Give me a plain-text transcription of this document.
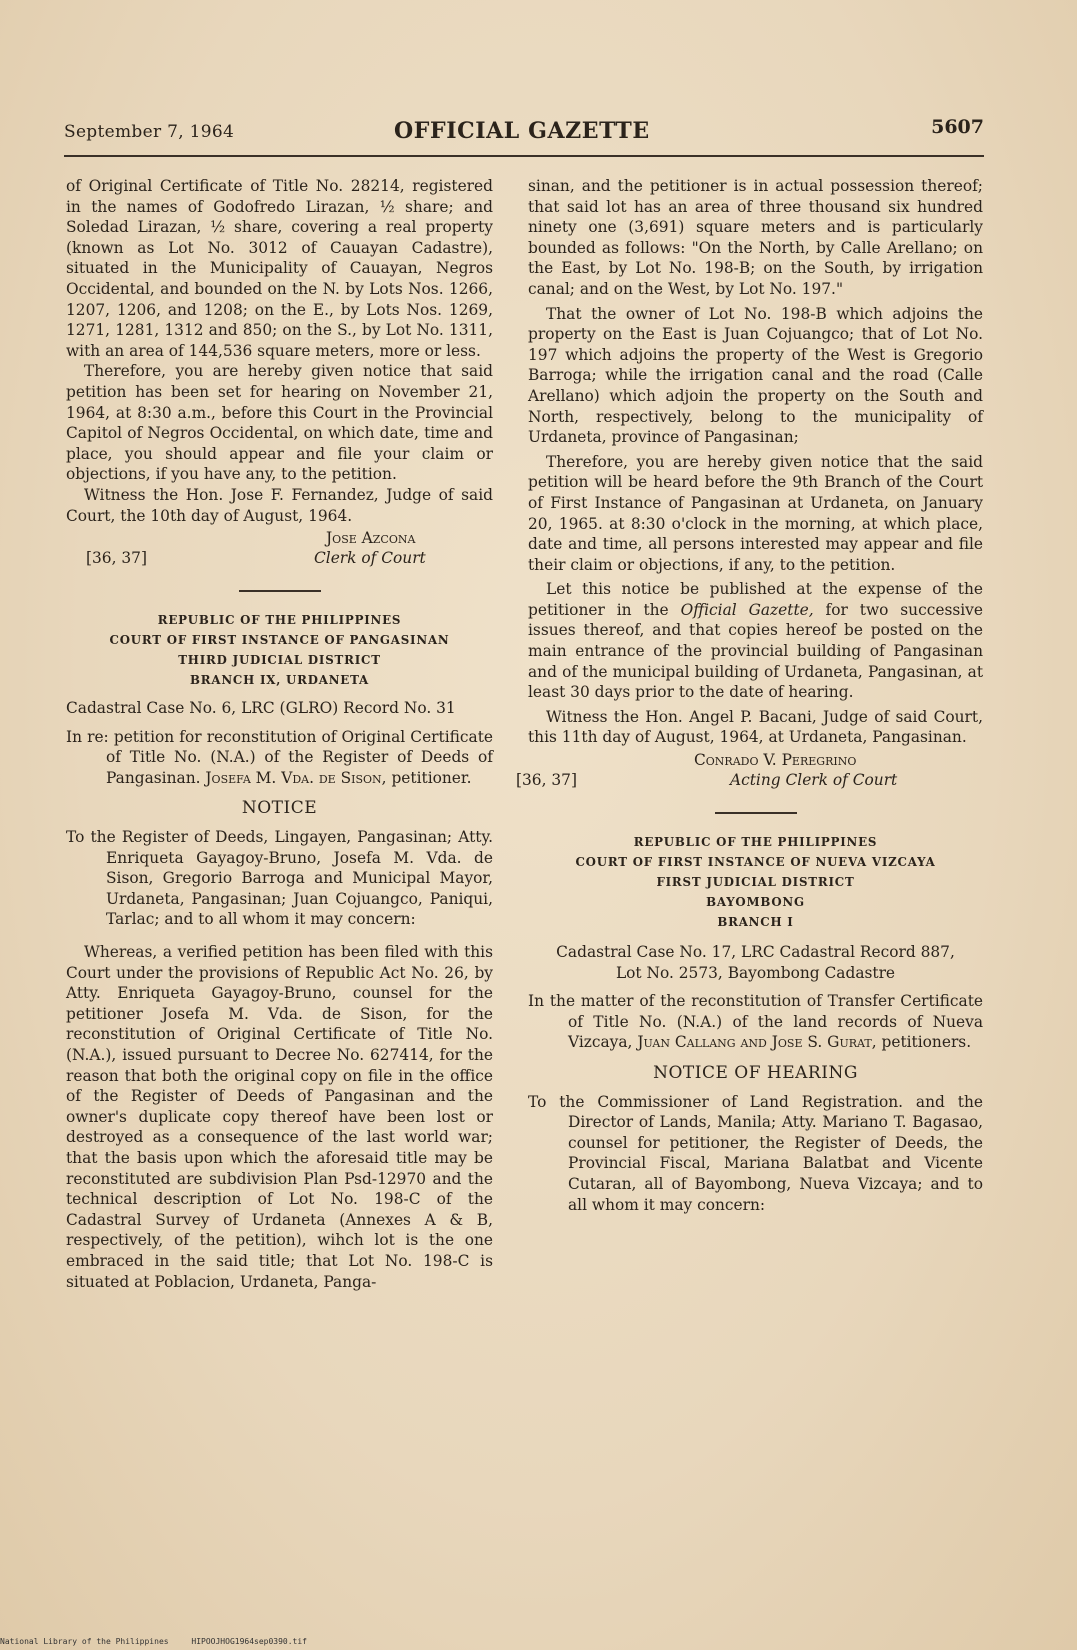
September 7, 1964	OFFICIAL GAZETTE	5607

of Original Certificate of Title No. 28214, registered in the names of Godofredo Lirazan, ½ share; and Soledad Lirazan, ½ share, covering a real property (known as Lot No. 3012 of Cauayan Cadastre), situated in the Municipality of Cauayan, Negros Occidental, and bounded on the N. by Lots Nos. 1266, 1207, 1206, and 1208; on the E., by Lots Nos. 1269, 1271, 1281, 1312 and 850; on the S., by Lot No. 1311, with an area of 144,536 square meters, more or less.

Therefore, you are hereby given notice that said petition has been set for hearing on November 21, 1964, at 8:30 a.m., before this Court in the Provincial Capitol of Negros Occidental, on which date, time and place, you should appear and file your claim or objections, if you have any, to the petition.

Witness the Hon. Jose F. Fernandez, Judge of said Court, the 10th day of August, 1964.

Jose Azcona
Clerk of Court
[36, 37]
REPUBLIC OF THE PHILIPPINES
COURT OF FIRST INSTANCE OF PANGASINAN
THIRD JUDICIAL DISTRICT
BRANCH IX, URDANETA

Cadastral Case No. 6, LRC (GLRO) Record No. 31

In re: petition for reconstitution of Original Certificate of Title No. (N.A.) of the Register of Deeds of Pangasinan. Josefa M. Vda. de Sison, petitioner.

NOTICE

To the Register of Deeds, Lingayen, Pangasinan; Atty. Enriqueta Gayagoy-Bruno, Josefa M. Vda. de Sison, Gregorio Barroga and Municipal Mayor, Urdaneta, Pangasinan; Juan Cojuangco, Paniqui, Tarlac; and to all whom it may concern:

Whereas, a verified petition has been filed with this Court under the provisions of Republic Act No. 26, by Atty. Enriqueta Gayagoy-Bruno, counsel for the petitioner Josefa M. Vda. de Sison, for the reconstitution of Original Certificate of Title No. (N.A.), issued pursuant to Decree No. 627414, for the reason that both the original copy on file in the office of the Register of Deeds of Pangasinan and the owner's duplicate copy thereof have been lost or destroyed as a consequence of the last world war; that the basis upon which the aforesaid title may be reconstituted are subdivision Plan Psd-12970 and the technical description of Lot No. 198-C of the Cadastral Survey of Urdaneta (Annexes A & B, respectively, of the petition), wihch lot is the one embraced in the said title; that Lot No. 198-C is situated at Poblacion, Urdaneta, Panga-

sinan, and the petitioner is in actual possession thereof; that said lot has an area of three thousand six hundred ninety one (3,691) square meters and is particularly bounded as follows: "On the North, by Calle Arellano; on the East, by Lot No. 198-B; on the South, by irrigation canal; and on the West, by Lot No. 197."

That the owner of Lot No. 198-B which adjoins the property on the East is Juan Cojuangco; that of Lot No. 197 which adjoins the property of the West is Gregorio Barroga; while the irrigation canal and the road (Calle Arellano) which adjoin the property on the South and North, respectively, belong to the municipality of Urdaneta, province of Pangasinan;

Therefore, you are hereby given notice that the said petition will be heard before the 9th Branch of the Court of First Instance of Pangasinan at Urdaneta, on January 20, 1965. at 8:30 o'clock in the morning, at which place, date and time, all persons interested may appear and file their claim or objections, if any, to the petition.

Let this notice be published at the expense of the petitioner in the Official Gazette, for two successive issues thereof, and that copies hereof be posted on the main entrance of the provincial building of Pangasinan and of the municipal building of Urdaneta, Pangasinan, at least 30 days prior to the date of hearing.

Witness the Hon. Angel P. Bacani, Judge of said Court, this 11th day of August, 1964, at Urdaneta, Pangasinan.

Conrado V. Peregrino
Acting Clerk of Court
[36, 37]
REPUBLIC OF THE PHILIPPINES
COURT OF FIRST INSTANCE OF NUEVA VIZCAYA
FIRST JUDICIAL DISTRICT
BAYOMBONG
BRANCH I
Cadastral Case No. 17, LRC Cadastral Record 887,
Lot No. 2573, Bayombong Cadastre

In the matter of the reconstitution of Transfer Certificate of Title No. (N.A.) of the land records of Nueva Vizcaya, Juan Callang and Jose S. Gurat, petitioners.

NOTICE OF HEARING

To the Commissioner of Land Registration. and the Director of Lands, Manila; Atty. Mariano T. Bagasao, counsel for petitioner, the Register of Deeds, the Provincial Fiscal, Mariana Balatbat and Vicente Cutaran, all of Bayombong, Nueva Vizcaya; and to all whom it may concern:

National Library of the Philippines	HIPOOJHOG1964sep0390.tif
